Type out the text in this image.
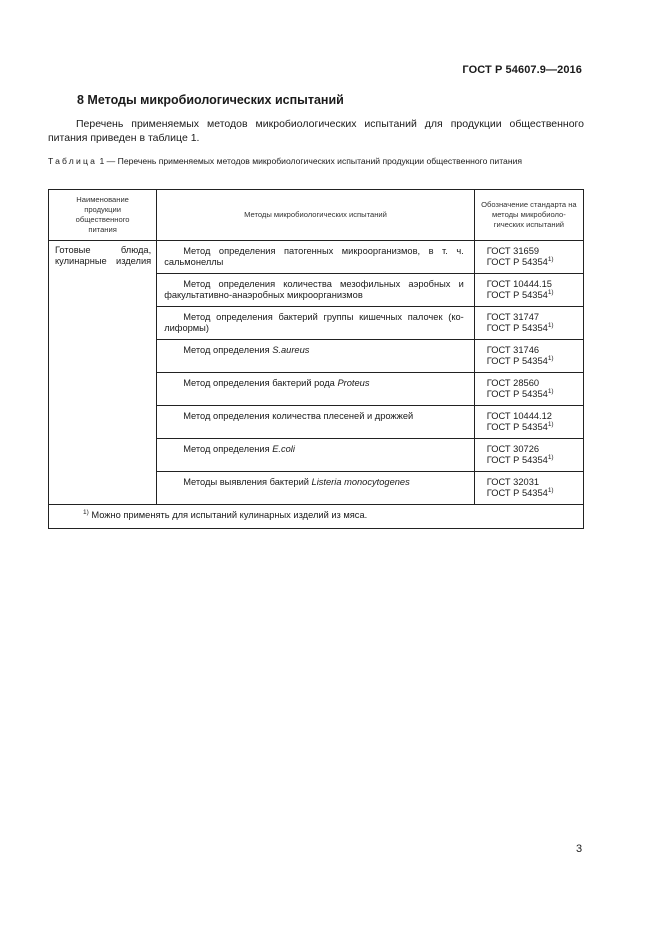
ГОСТ Р 54607.9—2016
8 Методы микробиологических испытаний
Перечень применяемых методов микробиологических испытаний для продукции общественного питания приведен в таблице 1.
Таблица 1 — Перечень применяемых методов микробиологических испытаний продукции общественного питания
Наименование продукции общественного питания	Методы микробиологических испытаний	Обозначение стандарта на методы микробиоло-гических испытаний
Готовые блюда, кулинарные изделия	Метод определения патогенных микроорганизмов, в т. ч. сальмонеллы	ГОСТ 31659
ГОСТ Р 54354$^{1)}$

	Метод определения количества мезофильных аэробных и факультативно-анаэробных микроорганизмов	ГОСТ 10444.15
ГОСТ Р 54354$^{1)}$

	Метод определения бактерий группы кишечных палочек (ко-лиформы)	ГОСТ 31747
ГОСТ Р 54354$^{1)}$

	Метод определения S.aureus	ГОСТ 31746
ГОСТ Р 54354$^{1)}$

	Метод определения бактерий рода Proteus	ГОСТ 28560
ГОСТ Р 54354$^{1)}$

	Метод определения количества плесеней и дрожжей	ГОСТ 10444.12
ГОСТ Р 54354$^{1)}$

	Метод определения E.coli	ГОСТ 30726
ГОСТ Р 54354$^{1)}$

	Методы выявления бактерий Listeria monocytogenes	ГОСТ 32031
ГОСТ Р 54354$^{1)}$

$^{1)}$ Можно применять для испытаний кулинарных изделий из мяса.		
3
